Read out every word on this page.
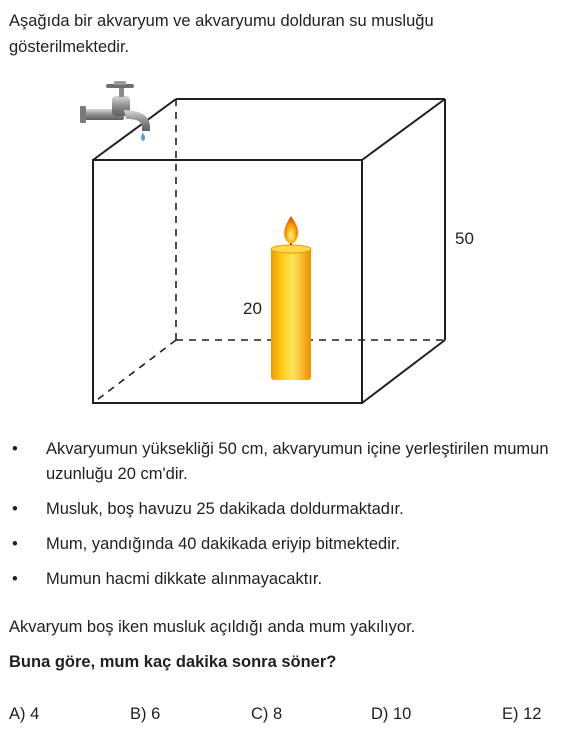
Aşağıda bir akvaryum ve akvaryumu dolduran su musluğu gösterilmektedir.
50
20
• Akvaryumun yüksekliği 50 cm, akvaryumun içine yerleştirilen mumun uzunluğu 20 cm'dir.
• Musluk, boş havuzu 25 dakikada doldurmaktadır.
• Mum, yandığında 40 dakikada eriyip bitmektedir.
• Mumun hacmi dikkate alınmayacaktır.
Akvaryum boş iken musluk açıldığı anda mum yakılıyor.
Buna göre, mum kaç dakika sonra söner?
A) 4	B) 6	C) 8	D) 10	E) 12
